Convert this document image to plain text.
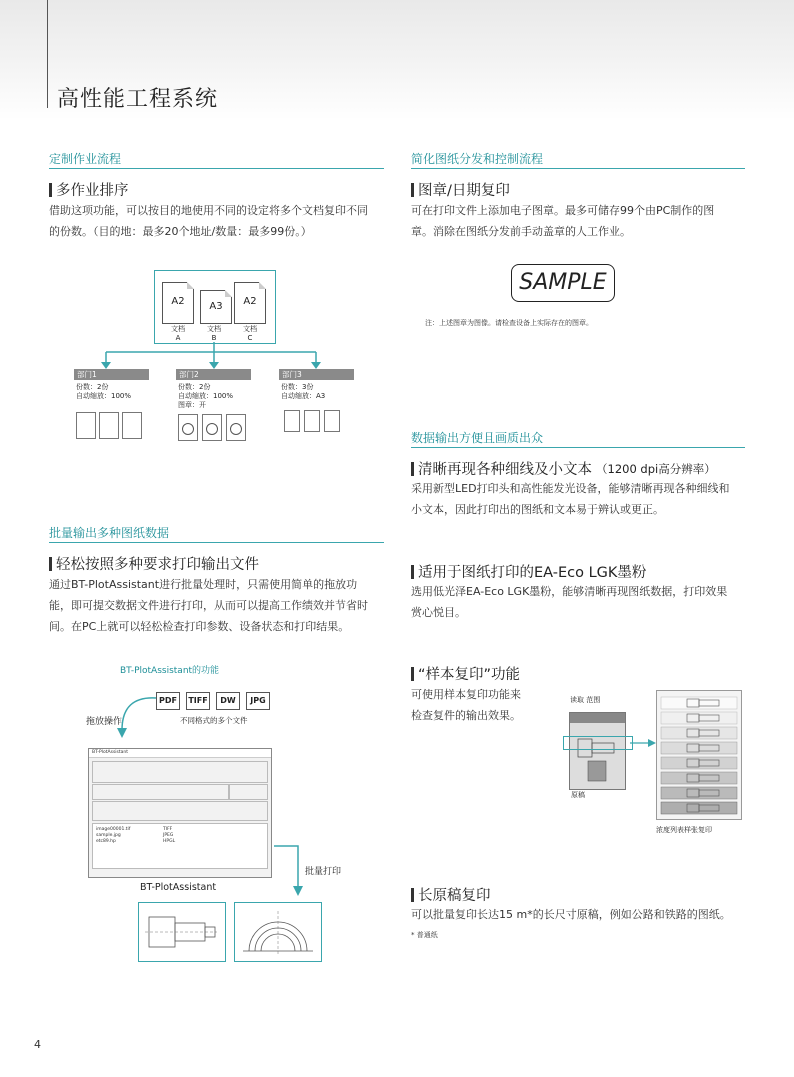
高性能工程系统
定制作业流程
多作业排序
借助这项功能，可以按目的地使用不同的设定将多个文档复印不同
的份数。（目的地：最多20个地址/数量：最多99份。）
A2	A3	A2
文档
A
文档
B
文档
C
部门1	部门2	部门3
份数：2份
自动缩放：100%
份数：2份
自动缩放：100%
图章：开
份数：3份
自动缩放：A3
批量输出多种图纸数据
轻松按照多种要求打印输出文件
通过BT-PlotAssistant进行批量处理时，只需使用简单的拖放功
能，即可提交数据文件进行打印，从而可以提高工作绩效并节省时
间。在PC上就可以轻松检查打印参数、设备状态和打印结果。
BT-PlotAssistant的功能
PDF	TIFF	DW	JPG
不同格式的多个文件
拖放操作
BT-PlotAssistant
image00001.tif
sample.jpg
etc89.hp
TIFF
JPEG
HPGL
BT-PlotAssistant
批量打印
简化图纸分发和控制流程
图章/日期复印
可在打印文件上添加电子图章。最多可储存99个由PC制作的图
章。消除在图纸分发前手动盖章的人工作业。
SAMPLE
注：上述图章为图像。请检查设备上实际存在的图章。
数据输出方便且画质出众
清晰再现各种细线及小文本 （1200 dpi高分辨率）
采用新型LED打印头和高性能发光设备，能够清晰再现各种细线和
小文本，因此打印出的图纸和文本易于辨认或更正。
适用于图纸打印的EA-Eco LGK墨粉
选用低光泽EA-Eco LGK墨粉，能够清晰再现图纸数据，打印效果
赏心悦目。
“样本复印”功能
可使用样本复印功能来
检查复件的输出效果。
读取 范围
原稿
浓度列表样张复印
长原稿复印
可以批量复印长达15 m*的长尺寸原稿，例如公路和铁路的图纸。
* 普通纸
4
